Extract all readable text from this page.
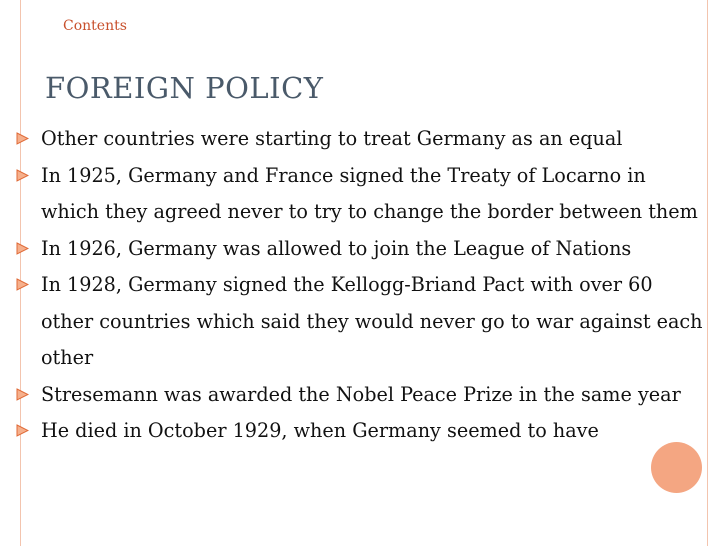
Contents
FOREIGN POLICY
Other countries were starting to treat Germany as an equal
In 1925, Germany and France signed the Treaty of Locarno in which they agreed never to try to change the border between them
In 1926, Germany was allowed to join the League of Nations
In 1928, Germany signed the Kellogg-Briand Pact with over 60 other countries which said they would never go to war against each other
Stresemann was awarded the Nobel Peace Prize in the same year
He died in October 1929, when Germany seemed to have
